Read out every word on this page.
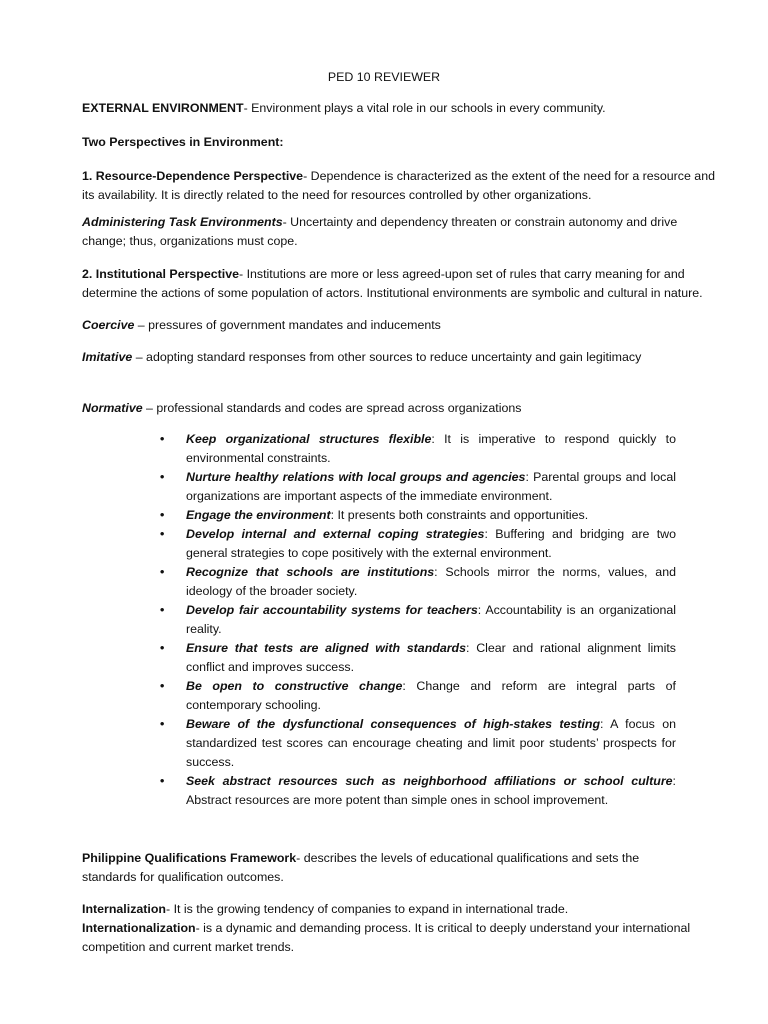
PED 10 REVIEWER

EXTERNAL ENVIRONMENT- Environment plays a vital role in our schools in every community.

Two Perspectives in Environment:

1. Resource-Dependence Perspective- Dependence is characterized as the extent of the need for a resource and its availability. It is directly related to the need for resources controlled by other organizations.

Administering Task Environments- Uncertainty and dependency threaten or constrain autonomy and drive change; thus, organizations must cope.

2. Institutional Perspective- Institutions are more or less agreed-upon set of rules that carry meaning for and determine the actions of some population of actors. Institutional environments are symbolic and cultural in nature.

Coercive – pressures of government mandates and inducements

Imitative – adopting standard responses from other sources to reduce uncertainty and gain legitimacy

Normative – professional standards and codes are spread across organizations

• Keep organizational structures flexible: It is imperative to respond quickly to environmental constraints.
• Nurture healthy relations with local groups and agencies: Parental groups and local organizations are important aspects of the immediate environment.
• Engage the environment: It presents both constraints and opportunities.
• Develop internal and external coping strategies: Buffering and bridging are two general strategies to cope positively with the external environment.
• Recognize that schools are institutions: Schools mirror the norms, values, and ideology of the broader society.
• Develop fair accountability systems for teachers: Accountability is an organizational reality.
• Ensure that tests are aligned with standards: Clear and rational alignment limits conflict and improves success.
• Be open to constructive change: Change and reform are integral parts of contemporary schooling.
• Beware of the dysfunctional consequences of high-stakes testing: A focus on standardized test scores can encourage cheating and limit poor students’ prospects for success.
• Seek abstract resources such as neighborhood affiliations or school culture: Abstract resources are more potent than simple ones in school improvement.

Philippine Qualifications Framework- describes the levels of educational qualifications and sets the standards for qualification outcomes.

Internalization- It is the growing tendency of companies to expand in international trade.

Internationalization- is a dynamic and demanding process. It is critical to deeply understand your international competition and current market trends.
